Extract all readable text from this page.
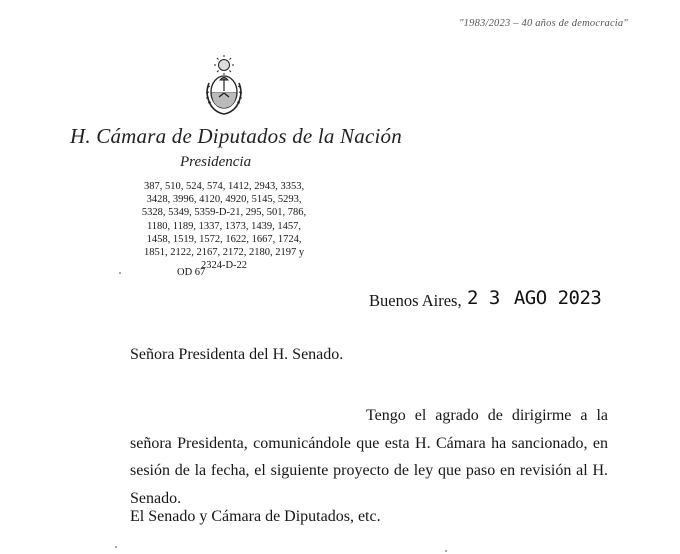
"1983/2023 – 40 años de democracia"
H. Cámara de Diputados de la Nación
Presidencia
387, 510, 524, 574, 1412, 2943, 3353,
3428, 3996, 4120, 4920, 5145, 5293,
5328, 5349, 5359-D-21, 295, 501, 786,
1180, 1189, 1337, 1373, 1439, 1457,
1458, 1519, 1572, 1622, 1667, 1724,
1851, 2122, 2167, 2172, 2180, 2197 y
2324-D-22
OD 67
Buenos Aires, 2 3 AGO 2023
Señora Presidenta del H. Senado.
Tengo el agrado de dirigirme a la señora Presidenta, comunicándole que esta H. Cámara ha sancionado, en sesión de la fecha, el siguiente proyecto de ley que paso en revisión al H. Senado.
El Senado y Cámara de Diputados, etc.
